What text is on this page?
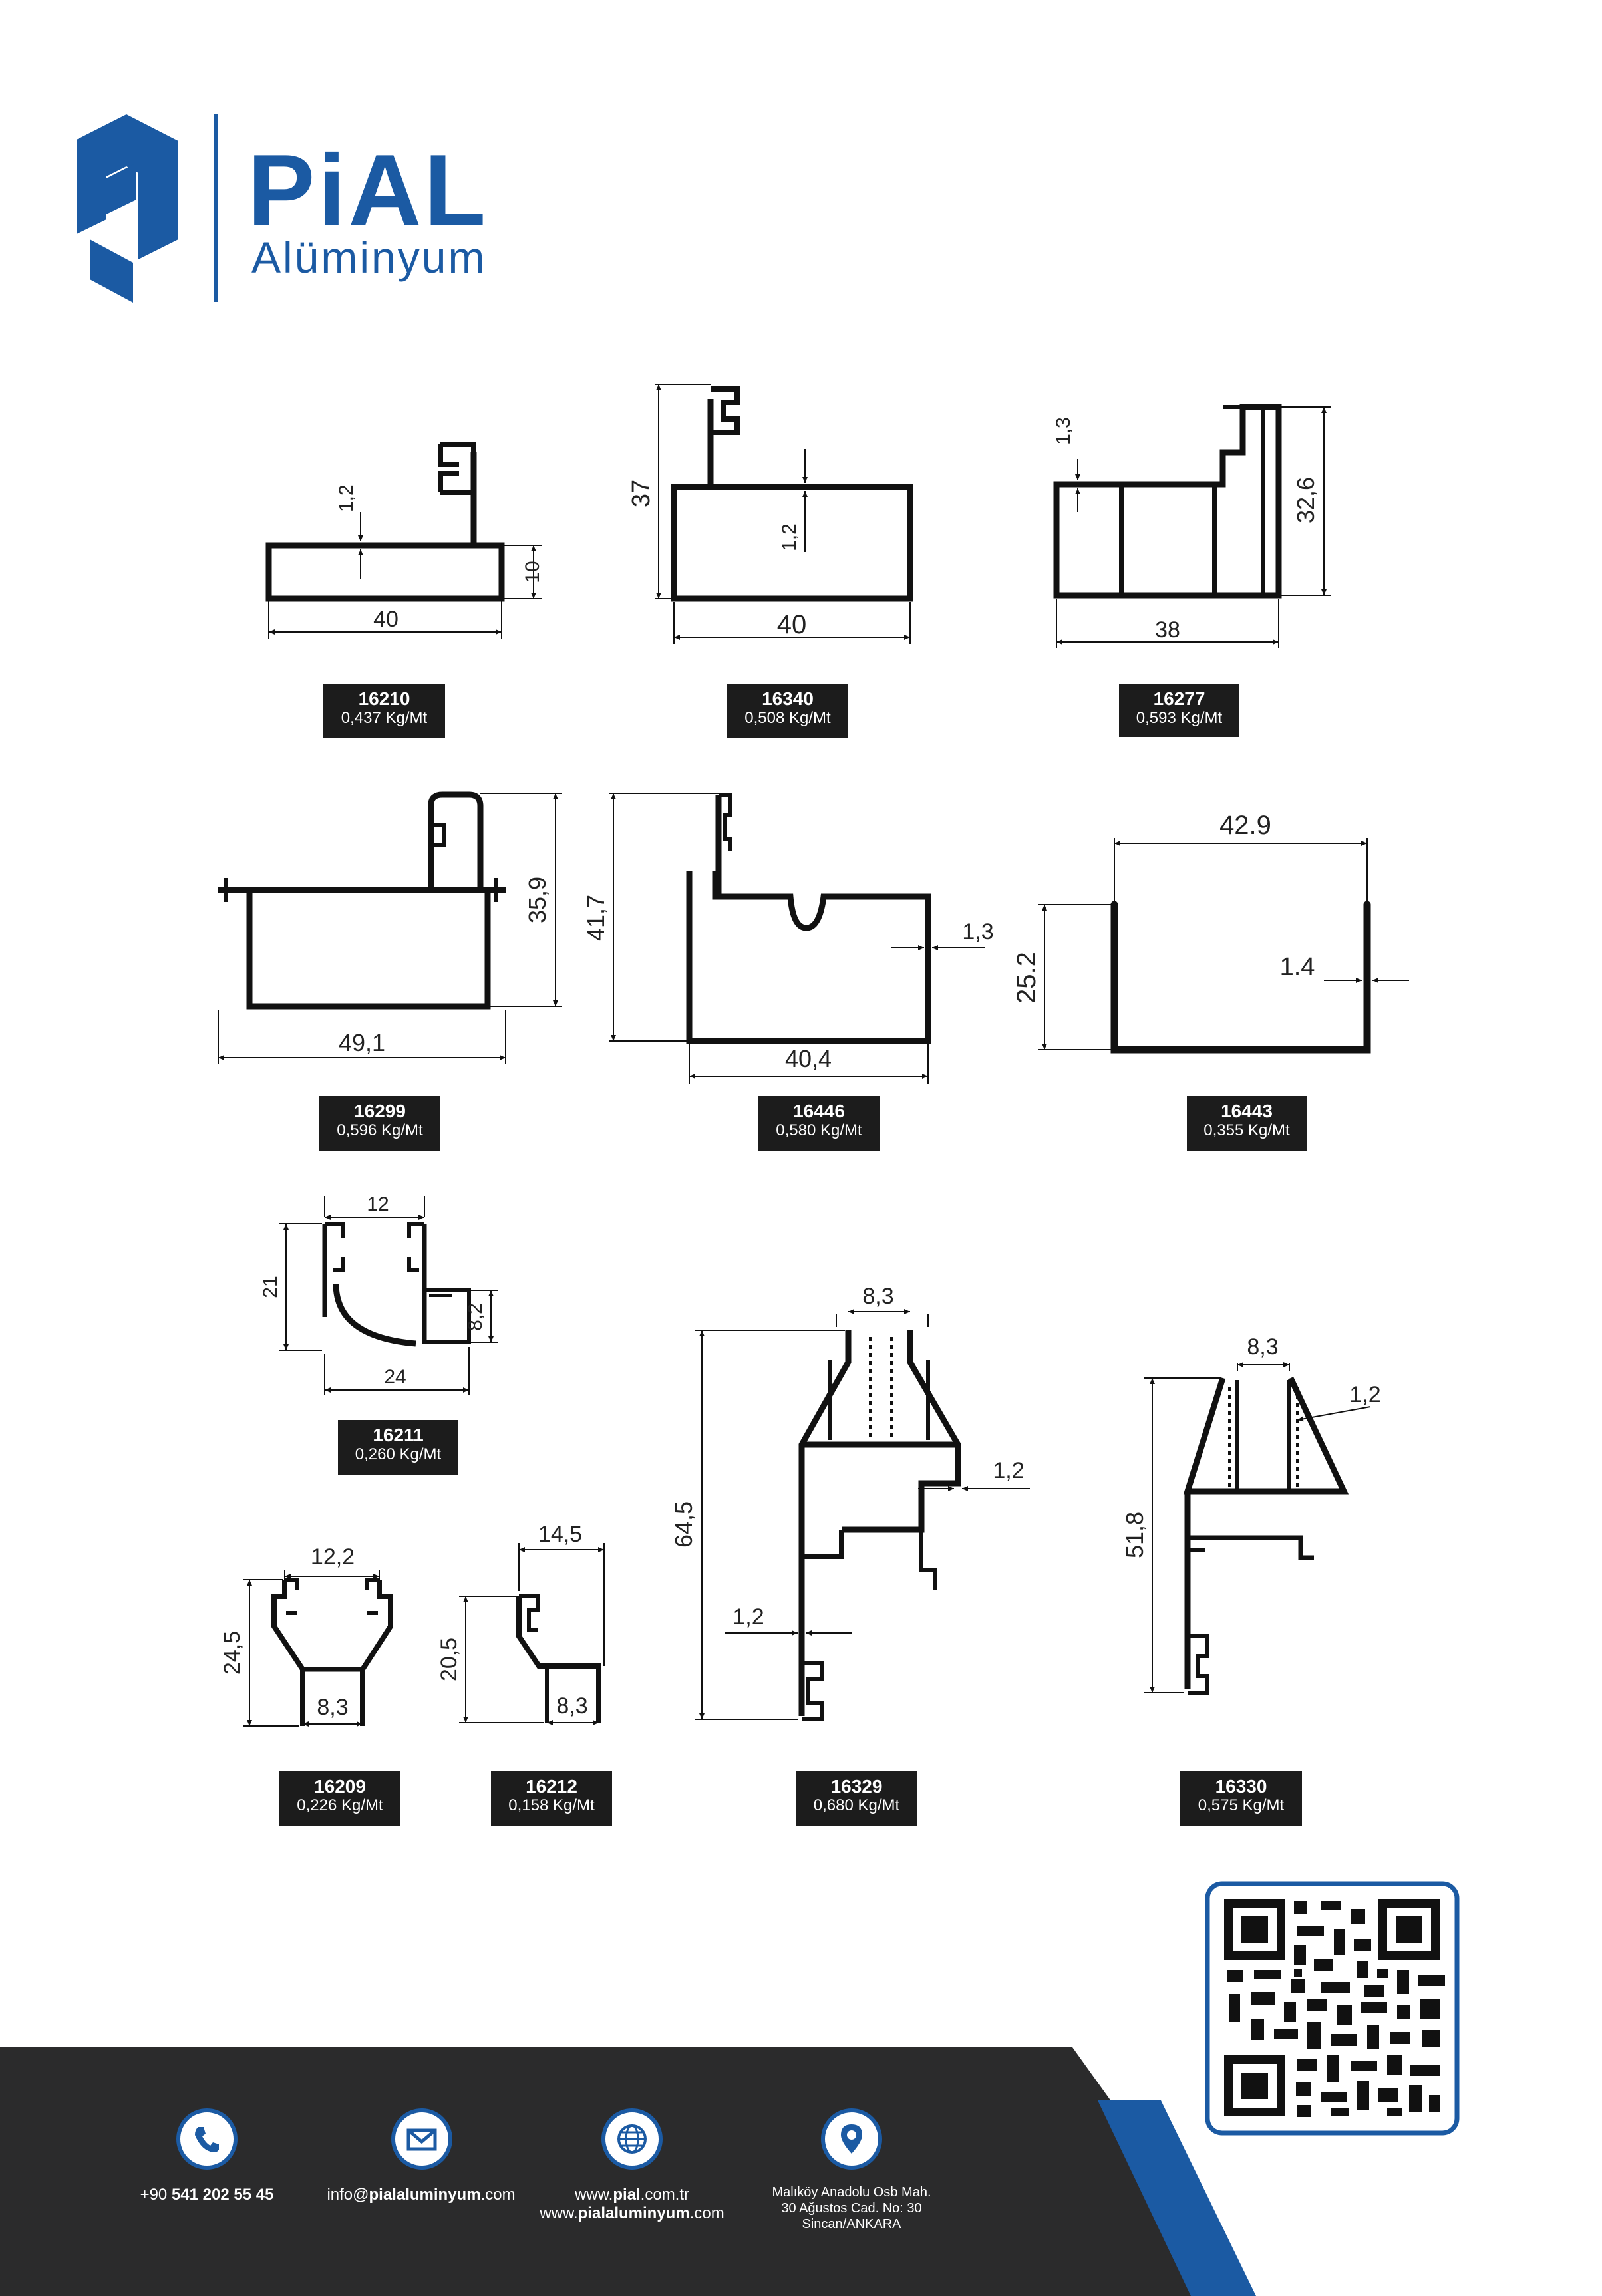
PiAL
Alüminyum
1,2
10
40
37
1,2
40
1,3
32,6
38
35,9
49,1
41,7	1,3
40,4
42.9
1.4
25.2
12
21
8,2
24
12,2
24,5
8,3
14,5
20,5
8,3
8,3
1,2
64,5
1,2
8,3
1,2
51,8
16210
0,437 Kg/Mt
16340
0,508 Kg/Mt
16277
0,593 Kg/Mt
16299
0,596 Kg/Mt
16446
0,580 Kg/Mt
16443
0,355 Kg/Mt
16211
0,260 Kg/Mt
16209
0,226 Kg/Mt
16212
0,158 Kg/Mt
16329
0,680 Kg/Mt
16330
0,575 Kg/Mt
+90 541 202 55 45	info@pialaluminyum.com	www.pial.com.tr
www.pialaluminyum.com
Malıköy Anadolu Osb Mah.
30 Ağustos Cad. No: 30
Sincan/ANKARA
